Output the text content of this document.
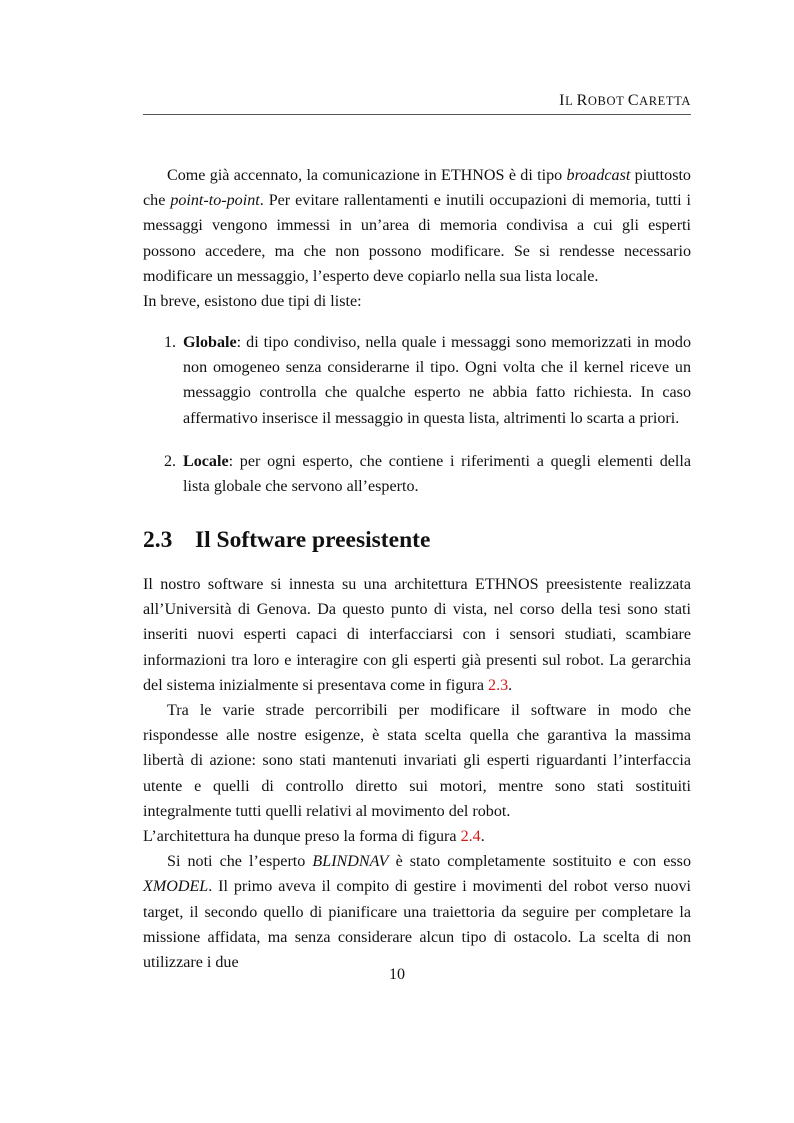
IL ROBOT CARETTA

Come già accennato, la comunicazione in ETHNOS è di tipo broadcast piuttosto che point-to-point. Per evitare rallentamenti e inutili occupazioni di memoria, tutti i messaggi vengono immessi in un’area di memoria condivisa a cui gli esperti possono accedere, ma che non possono modificare. Se si rendesse necessario modificare un messaggio, l’esperto deve copiarlo nella sua lista locale.

In breve, esistono due tipi di liste:

1. Globale: di tipo condiviso, nella quale i messaggi sono memorizzati in modo non omogeneo senza considerarne il tipo. Ogni volta che il kernel riceve un messaggio controlla che qualche esperto ne abbia fatto richiesta. In caso affermativo inserisce il messaggio in questa lista, altrimenti lo scarta a priori.
2. Locale: per ogni esperto, che contiene i riferimenti a quegli elementi della lista globale che servono all’esperto.
2.3 Il Software preesistente

Il nostro software si innesta su una architettura ETHNOS preesistente realizzata all’Università di Genova. Da questo punto di vista, nel corso della tesi sono stati inseriti nuovi esperti capaci di interfacciarsi con i sensori studiati, scambiare informazioni tra loro e interagire con gli esperti già presenti sul robot. La gerarchia del sistema inizialmente si presentava come in figura 2.3.

Tra le varie strade percorribili per modificare il software in modo che rispondesse alle nostre esigenze, è stata scelta quella che garantiva la massima libertà di azione: sono stati mantenuti invariati gli esperti riguardanti l’interfaccia utente e quelli di controllo diretto sui motori, mentre sono stati sostituiti integralmente tutti quelli relativi al movimento del robot.

L’architettura ha dunque preso la forma di figura 2.4.

Si noti che l’esperto BLINDNAV è stato completamente sostituito e con esso XMODEL. Il primo aveva il compito di gestire i movimenti del robot verso nuovi target, il secondo quello di pianificare una traiettoria da seguire per completare la missione affidata, ma senza considerare alcun tipo di ostacolo. La scelta di non utilizzare i due

10
